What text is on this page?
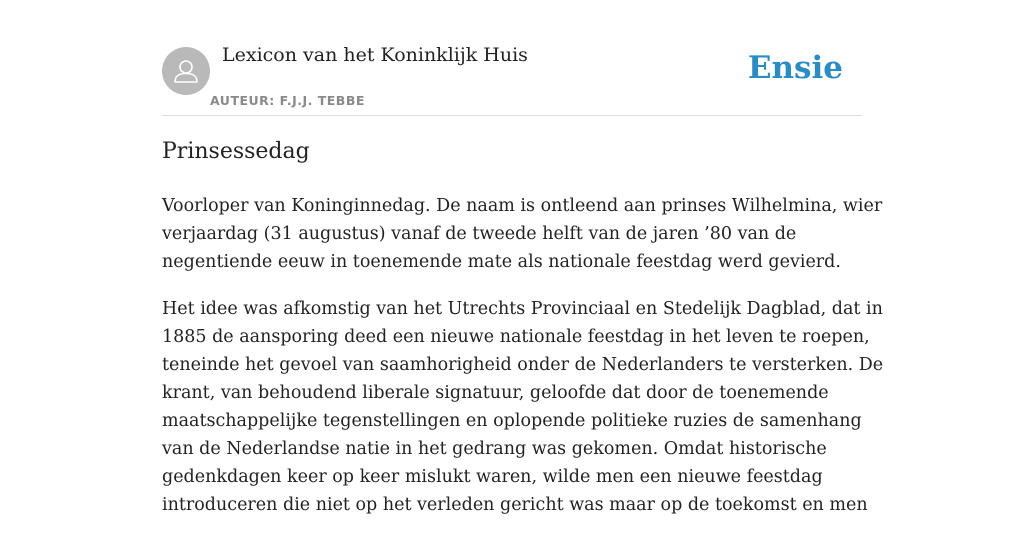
Lexicon van het Koninklijk Huis
AUTEUR: F.J.J. TEBBE
Ensie
Prinsessedag

Voorloper van Koninginnedag. De naam is ontleend aan prinses Wilhelmina, wier
verjaardag (31 augustus) vanaf de tweede helft van de jaren ’80 van de
negentiende eeuw in toenemende mate als nationale feestdag werd gevierd.

Het idee was afkomstig van het Utrechts Provinciaal en Stedelijk Dagblad, dat in
1885 de aansporing deed een nieuwe nationale feestdag in het leven te roepen,
teneinde het gevoel van saamhorigheid onder de Nederlanders te versterken. De
krant, van behoudend liberale signatuur, geloofde dat door de toenemende
maatschappelijke tegenstellingen en oplopende politieke ruzies de samenhang
van de Nederlandse natie in het gedrang was gekomen. Omdat historische
gedenkdagen keer op keer mislukt waren, wilde men een nieuwe feestdag
introduceren die niet op het verleden gericht was maar op de toekomst en men
